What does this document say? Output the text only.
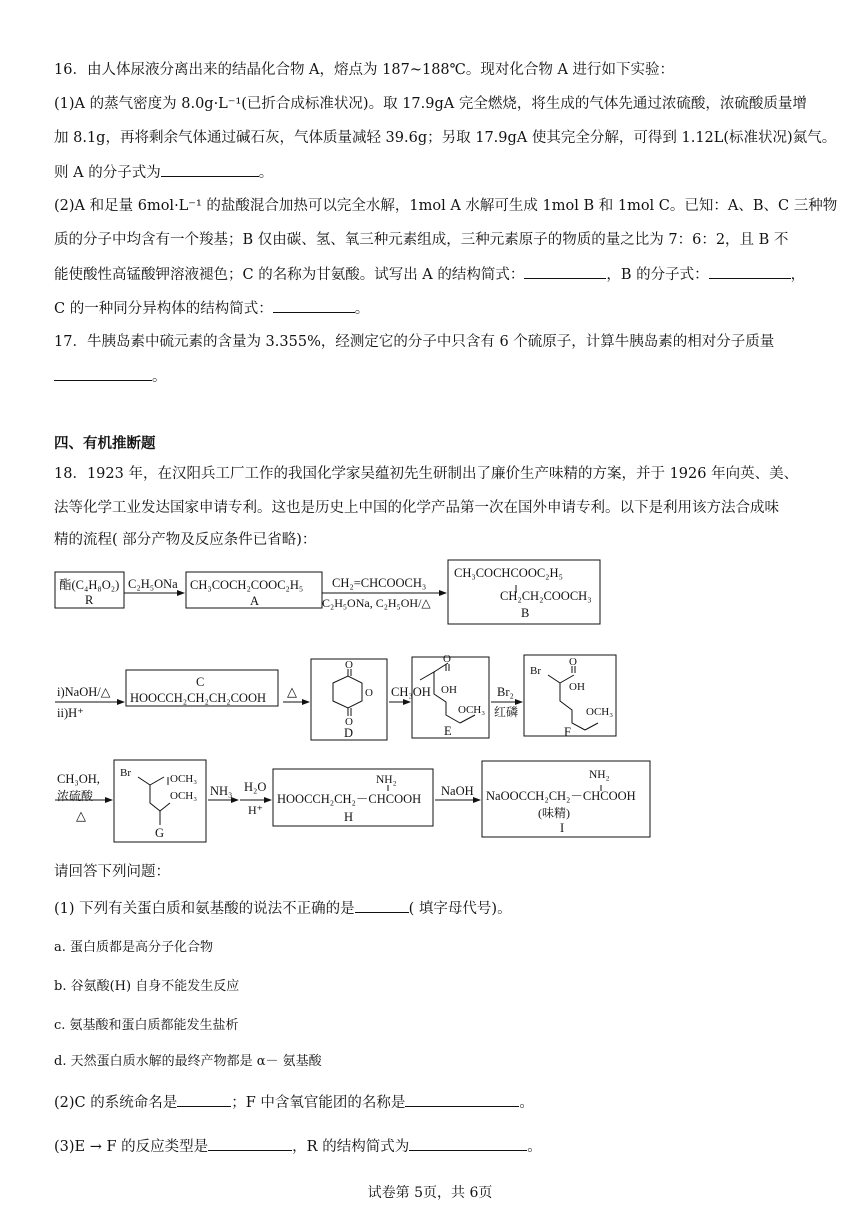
16．由人体尿液分离出来的结晶化合物 A，熔点为 187~188℃。现对化合物 A 进行如下实验：
(1)A 的蒸气密度为 8.0g·L⁻¹(已折合成标准状况)。取 17.9gA 完全燃烧，将生成的气体先通过浓硫酸，浓硫酸质量增
加 8.1g，再将剩余气体通过碱石灰，气体质量减轻 39.6g；另取 17.9gA 使其完全分解，可得到 1.12L(标准状况)氮气。
则 A 的分子式为	。
(2)A 和足量 6mol·L⁻¹ 的盐酸混合加热可以完全水解，1mol A 水解可生成 1mol B 和 1mol C。已知：A、B、C 三种物
质的分子中均含有一个羧基；B 仅由碳、氢、氧三种元素组成，三种元素原子的物质的量之比为 7：6：2，且 B 不
能使酸性高锰酸钾溶液褪色；C 的名称为甘氨酸。试写出 A 的结构简式：	，B 的分子式：	，
C 的一种同分异构体的结构简式：	。
17．牛胰岛素中硫元素的含量为 3.355%，经测定它的分子中只含有 6 个硫原子，计算牛胰岛素的相对分子质量
。
四、有机推断题
18．1923 年，在汉阳兵工厂工作的我国化学家吴蕴初先生研制出了廉价生产味精的方案，并于 1926 年向英、美、
法等化学工业发达国家申请专利。这也是历史上中国的化学产品第一次在国外申请专利。以下是利用该方法合成味
精的流程( 部分产物及反应条件已省略)：
酯(C₄H₈O₂)
R
C₂H₅ONa CH₃COCH₂COOC₂H₅
A
CH₂=CHCOOCH₃
C₂H₅ONa, C₂H₅OH/△
CH₃COCHCOOC₂H₅
CH₂CH₂COOCH₃
B
i)NaOH/△
ii)H⁺
C
HOOCCH₂CH₂CH₂COOH △
O
O
O
D
CH₃OH
O
OH
OCH₃
E
Br₂
红磷
Br
O
OH
OCH₃
F
CH₃OH,
浓硫酸
△
Br	OCH₃
OCH₃
G
NH₃ H₂O
H⁺
NH₂
HOOCCH₂CH₂－CHCOOH
H
NaOH
NH₂
NaOOCCH₂CH₂－CHCOOH
(味精)
I
请回答下列问题：
(1) 下列有关蛋白质和氨基酸的说法不正确的是	( 填字母代号)。
a. 蛋白质都是高分子化合物
b. 谷氨酸(H) 自身不能发生反应
c. 氨基酸和蛋白质都能发生盐析
d. 天然蛋白质水解的最终产物都是 α－ 氨基酸
(2)C 的系统命名是	；F 中含氧官能团的名称是	。
(3)E → F 的反应类型是	，R 的结构简式为	。
试卷第 5页，共 6页
